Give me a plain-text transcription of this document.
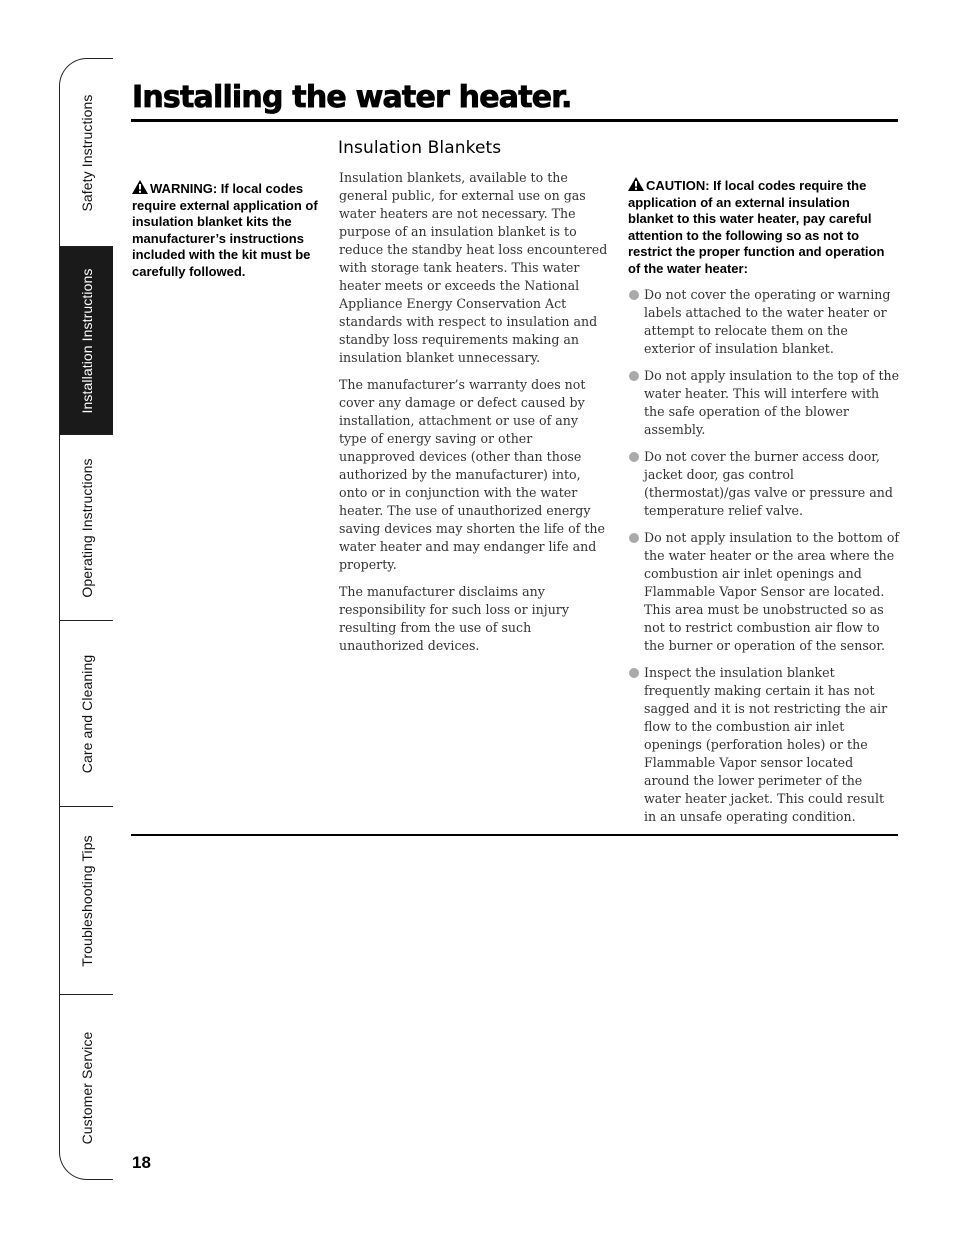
Safety Instructions
Installation Instructions
Operating Instructions
Care and Cleaning
Troubleshooting Tips
Customer Service
Installing the water heater.
WARNING: If local codes require external application of insulation blanket kits the manufacturer’s instructions included with the kit must be carefully followed.
Insulation Blankets

Insulation blankets, available to the general public, for external use on gas water heaters are not necessary. The purpose of an insulation blanket is to reduce the standby heat loss encountered with storage tank heaters. This water heater meets or exceeds the National Appliance Energy Conservation Act standards with respect to insulation and standby loss requirements making an insulation blanket unnecessary.

The manufacturer’s warranty does not cover any damage or defect caused by installation, attachment or use of any type of energy saving or other unapproved devices (other than those authorized by the manufacturer) into, onto or in conjunction with the water heater. The use of unauthorized energy saving devices may shorten the life of the water heater and may endanger life and property.

The manufacturer disclaims any responsibility for such loss or injury resulting from the use of such unauthorized devices.

CAUTION: If local codes require the application of an external insulation blanket to this water heater, pay careful attention to the following so as not to restrict the proper function and operation of the water heater:
Do not cover the operating or warning labels attached to the water heater or attempt to relocate them on the exterior of insulation blanket.
Do not apply insulation to the top of the water heater. This will interfere with the safe operation of the blower assembly.
Do not cover the burner access door, jacket door, gas control (thermostat)/gas valve or pressure and temperature relief valve.
Do not apply insulation to the bottom of the water heater or the area where the combustion air inlet openings and Flammable Vapor Sensor are located. This area must be unobstructed so as not to restrict combustion air flow to the burner or operation of the sensor.
Inspect the insulation blanket frequently making certain it has not sagged and it is not restricting the air flow to the combustion air inlet openings (perforation holes) or the Flammable Vapor sensor located around the lower perimeter of the water heater jacket. This could result in an unsafe operating condition.
18
